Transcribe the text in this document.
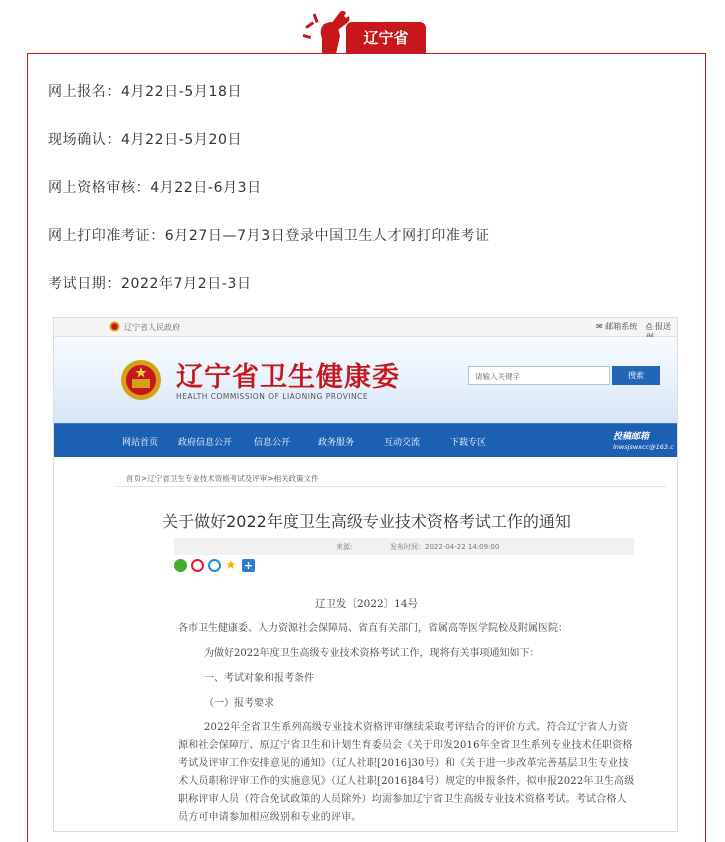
辽宁省
网上报名：4月22日-5月18日
现场确认：4月22日-5月20日
网上资格审核：4月22日-6月3日
网上打印准考证：6月27日—7月3日登录中国卫生人才网打印准考证
考试日期：2022年7月2日-3日
辽宁省人民政府	✉ 邮箱系统 ⎙ 报送
辽宁省卫生健康委
HEALTH COMMISSION OF LIAONING PROVINCE
请输入关键字	搜索
网站首页 政府信息公开 信息公开	政务服务	互动交流	下载专区
投稿邮箱
lnwsjswxcc@163.c
首页>辽宁省卫生专业技术资格考试及评审>相关政策文件
关于做好2022年度卫生高级专业技术资格考试工作的通知
来源:	发布时间：2022-04-22 14:09:00
★ +
辽卫发〔2022〕14号
各市卫生健康委、人力资源社会保障局、省直有关部门，省属高等医学院校及附属医院：
为做好2022年度卫生高级专业技术资格考试工作，现将有关事项通知如下：
一、考试对象和报考条件
（一）报考要求
2022年全省卫生系列高级专业技术资格评审继续采取考评结合的评价方式。符合辽宁省人力资源和社会保障厅、原辽宁省卫生和计划生育委员会《关于印发2016年全省卫生系列专业技术任职资格考试及评审工作安排意见的通知》（辽人社职[2016]30号）和《关于进一步改革完善基层卫生专业技术人员职称评审工作的实施意见》（辽人社职[2016]84号）规定的申报条件，拟申报2022年卫生高级职称评审人员（符合免试政策的人员除外）均需参加辽宁省卫生高级专业技术资格考试。考试合格人员方可申请参加相应级别和专业的评审。
